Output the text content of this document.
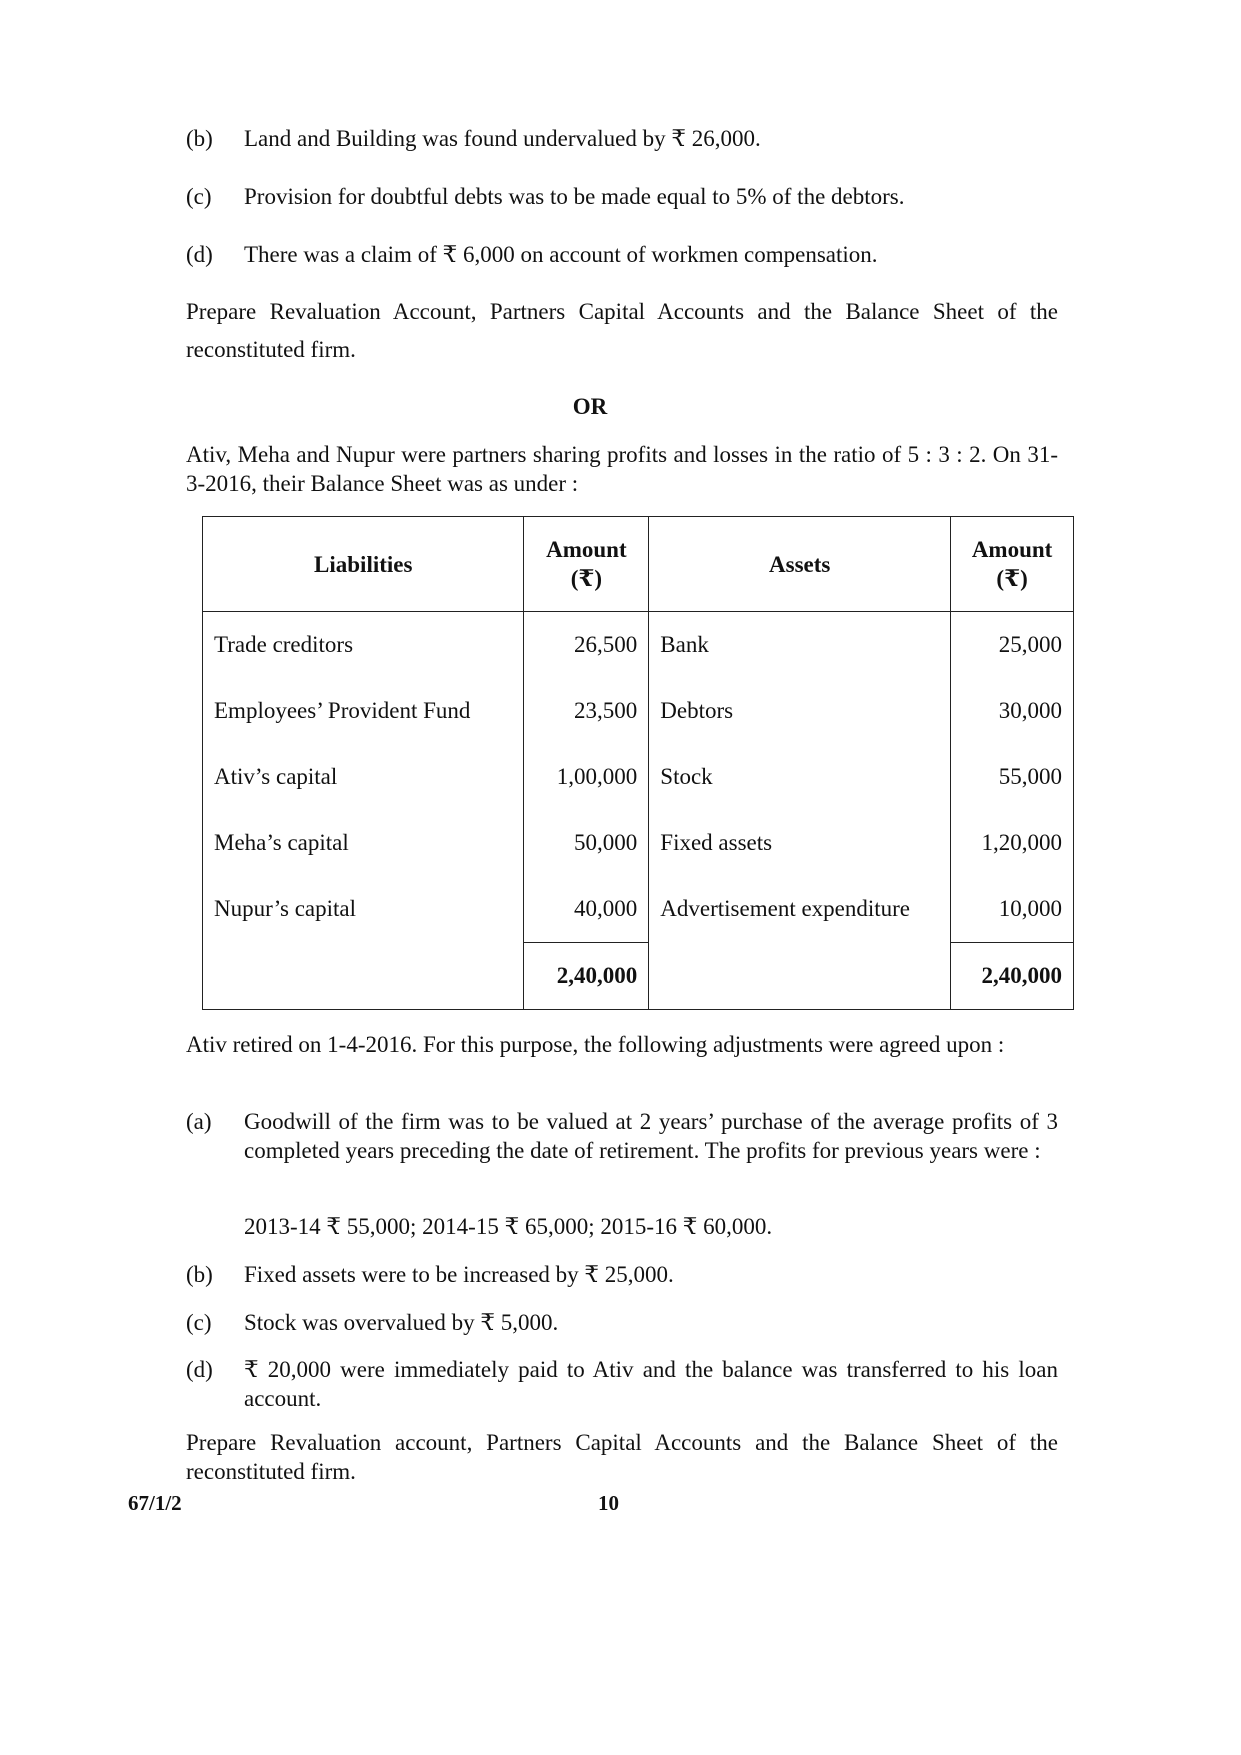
(b) Land and Building was found undervalued by ₹ 26,000.
(c) Provision for doubtful debts was to be made equal to 5% of the debtors.
(d) There was a claim of ₹ 6,000 on account of workmen compensation.
Prepare Revaluation Account, Partners Capital Accounts and the Balance Sheet of the reconstituted firm.
OR
Ativ, Meha and Nupur were partners sharing profits and losses in the ratio of 5 : 3 : 2. On 31-3-2016, their Balance Sheet was as under :
Liabilities	Amount (₹)	Assets	Amount (₹)
Trade creditors	26,500	Bank	25,000
Employees’ Provident Fund	23,500	Debtors	30,000
Ativ’s capital	1,00,000	Stock	55,000
Meha’s capital	50,000	Fixed assets	1,20,000
Nupur’s capital	40,000	Advertisement expenditure	10,000
	2,40,000		2,40,000
Ativ retired on 1-4-2016. For this purpose, the following adjustments were agreed upon :
(a) Goodwill of the firm was to be valued at 2 years’ purchase of the average profits of 3 completed years preceding the date of retirement. The profits for previous years were :
2013-14 ₹ 55,000; 2014-15 ₹ 65,000; 2015-16 ₹ 60,000.
(b) Fixed assets were to be increased by ₹ 25,000.
(c) Stock was overvalued by ₹ 5,000.
(d) ₹ 20,000 were immediately paid to Ativ and the balance was transferred to his loan account.
Prepare Revaluation account, Partners Capital Accounts and the Balance Sheet of the reconstituted firm.
67/1/2	10
